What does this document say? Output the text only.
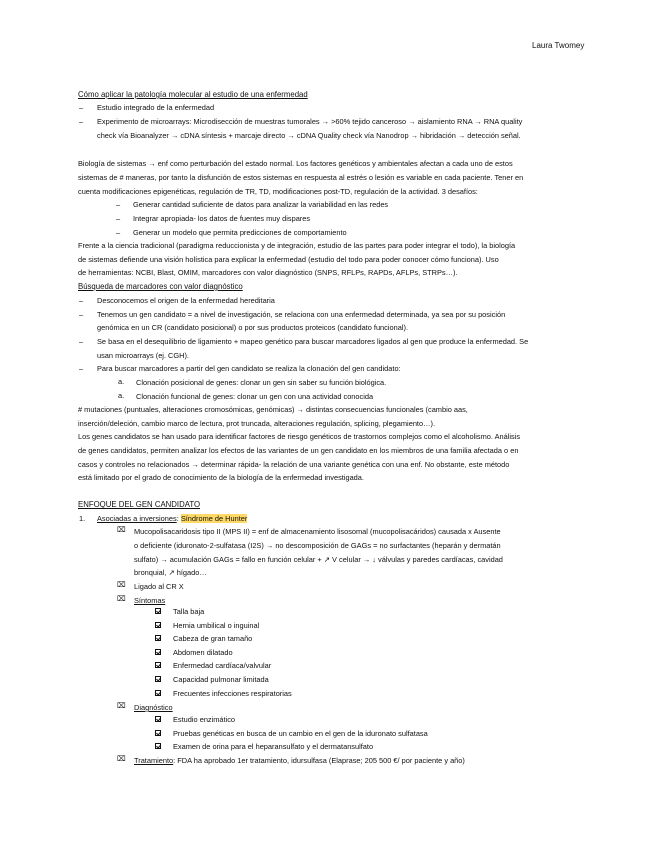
Laura Twomey
Cómo aplicar la patología molecular al estudio de una enfermedad
– Estudio integrado de la enfermedad
– Experimento de microarrays: Microdisección de muestras tumorales → >60% tejido canceroso → aislamiento RNA → RNA quality
check vía Bioanalyzer → cDNA síntesis + marcaje directo → cDNA Quality check vía Nanodrop → hibridación → detección señal.
Biología de sistemas → enf como perturbación del estado normal. Los factores genéticos y ambientales afectan a cada uno de estos
sistemas de # maneras, por tanto la disfunción de estos sistemas en respuesta al estrés o lesión es variable en cada paciente. Tener en
cuenta modificaciones epigenéticas, regulación de TR, TD, modificaciones post-TD, regulación de la actividad. 3 desafíos:
– Generar cantidad suficiente de datos para analizar la variabilidad en las redes
– Integrar apropiada- los datos de fuentes muy dispares
– Generar un modelo que permita predicciones de comportamiento
Frente a la ciencia tradicional (paradigma reduccionista y de integración, estudio de las partes para poder integrar el todo), la biología
de sistemas defiende una visión holística para explicar la enfermedad (estudio del todo para poder conocer cómo funciona). Uso
de herramientas: NCBI, Blast, OMIM, marcadores con valor diagnóstico (SNPS, RFLPs, RAPDs, AFLPs, STRPs…).
Búsqueda de marcadores con valor diagnóstico
– Desconocemos el origen de la enfermedad hereditaria
– Tenemos un gen candidato = a nivel de investigación, se relaciona con una enfermedad determinada, ya sea por su posición
genómica en un CR (candidato posicional) o por sus productos proteicos (candidato funcional).
– Se basa en el desequilibrio de ligamiento + mapeo genético para buscar marcadores ligados al gen que produce la enfermedad. Se
usan microarrays (ej. CGH).
– Para buscar marcadores a partir del gen candidato se realiza la clonación del gen candidato:
a. Clonación posicional de genes: clonar un gen sin saber su función biológica.
a. Clonación funcional de genes: clonar un gen con una actividad conocida
# mutaciones (puntuales, alteraciones cromosómicas, genómicas) → distintas consecuencias funcionales (cambio aas,
inserción/deleción, cambio marco de lectura, prot truncada, alteraciones regulación, splicing, plegamiento…).
Los genes candidatos se han usado para identificar factores de riesgo genéticos de trastornos complejos como el alcoholismo. Análisis
de genes candidatos, permiten analizar los efectos de las variantes de un gen candidato en los miembros de una familia afectada o en
casos y controles no relacionados → determinar rápida- la relación de una variante genética con una enf. No obstante, este método
está limitado por el grado de conocimiento de la biología de la enfermedad investigada.
ENFOQUE DEL GEN CANDIDATO
1. Asociadas a inversiones: Síndrome de Hunter
⌧ Mucopolisacaridosis tipo II (MPS II) = enf de almacenamiento lisosomal (mucopolisacáridos) causada x Ausente
o deficiente (iduronato-2-sulfatasa (I2S) → no descomposición de GAGs = no surfactantes (heparán y dermatán
sulfato) → acumulación GAGs = fallo en función celular + ↗ V celular → ↓ válvulas y paredes cardíacas, cavidad
bronquial, ↗ hígado…
⌧ Ligado al CR X
⌧ Síntomas
Talla baja
Hernia umbilical o inguinal
Cabeza de gran tamaño
Abdomen dilatado
Enfermedad cardíaca/valvular
Capacidad pulmonar limitada
Frecuentes infecciones respiratorias
⌧ Diagnóstico
Estudio enzimático
Pruebas genéticas en busca de un cambio en el gen de la iduronato sulfatasa
Examen de orina para el heparansulfato y el dermatansulfato
⌧ Tratamiento: FDA ha aprobado 1er tratamiento, idursulfasa (Elaprase; 205 500 €/ por paciente y año)
